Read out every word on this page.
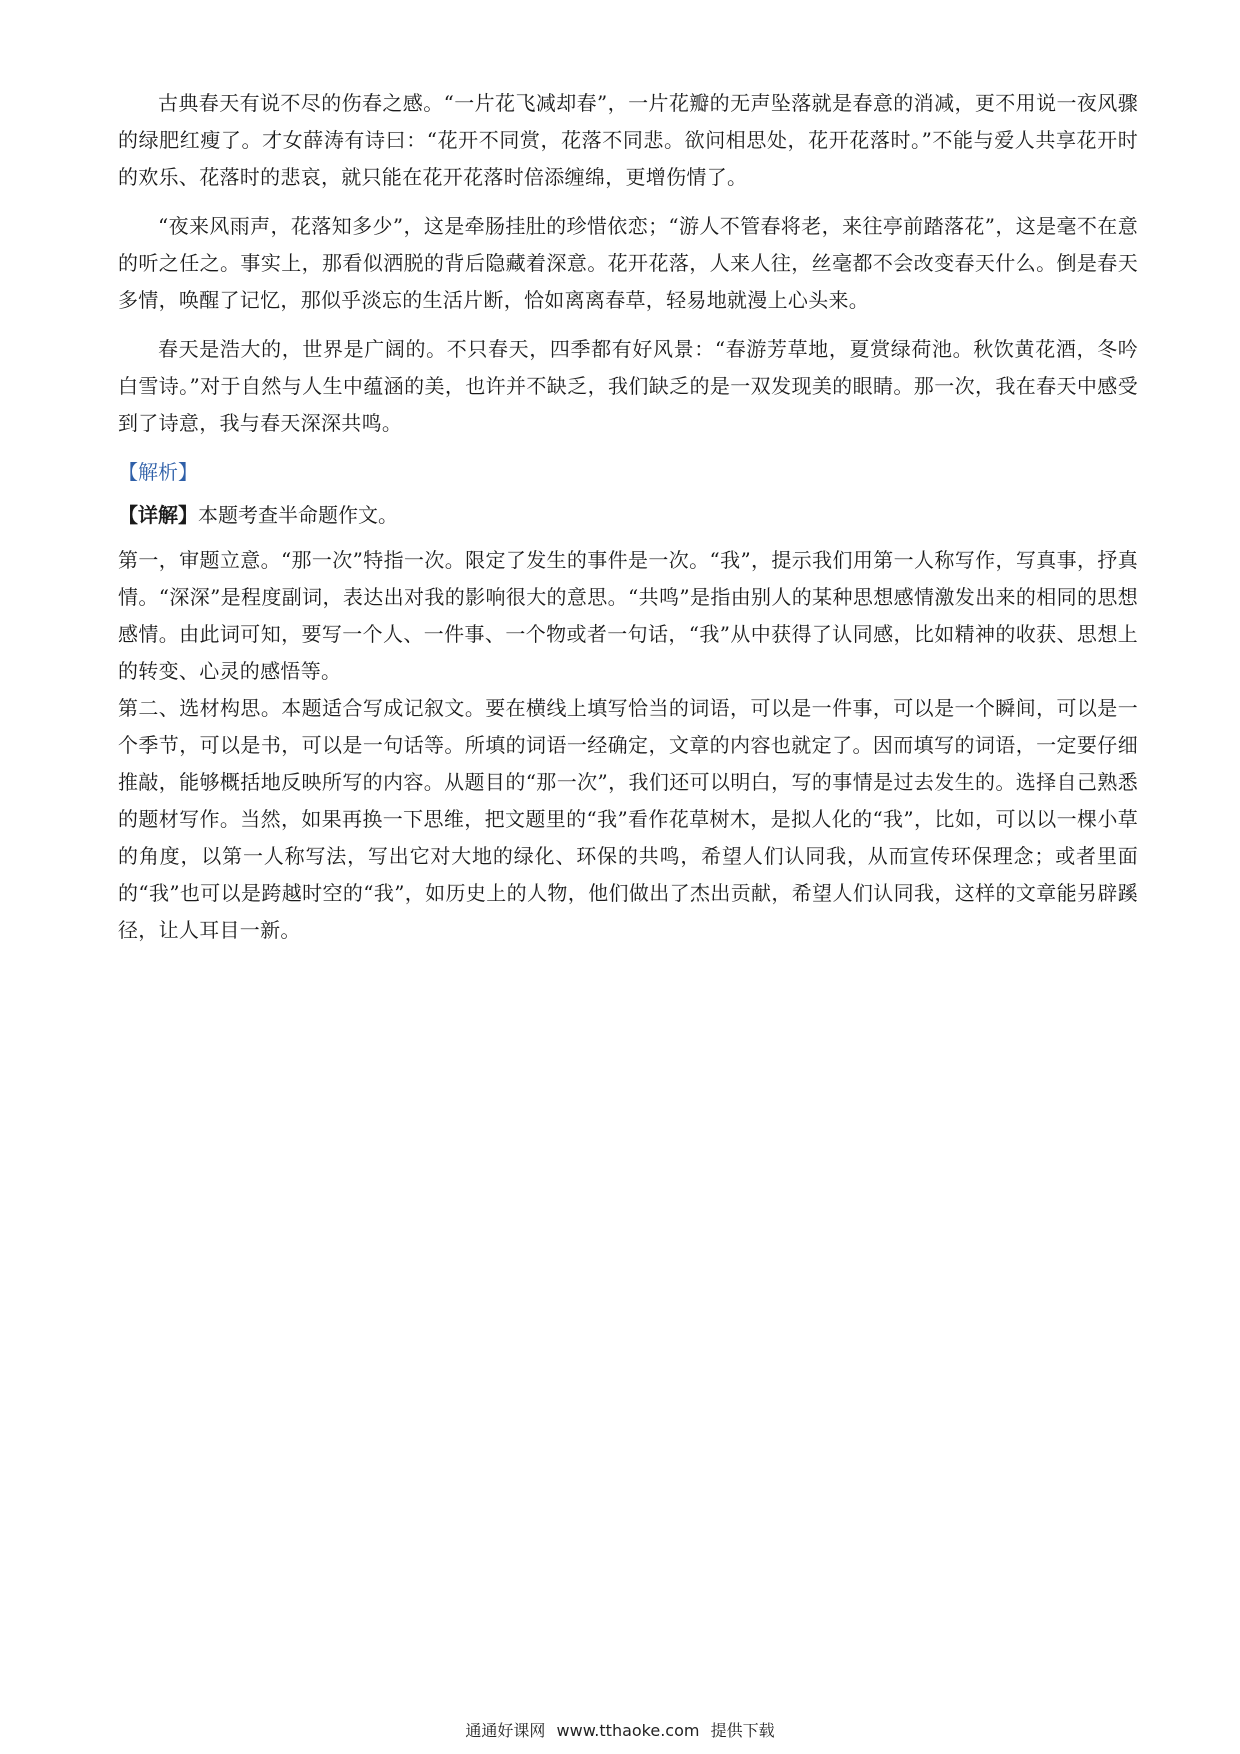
古典春天有说不尽的伤春之感。“一片花飞减却春”，一片花瓣的无声坠落就是春意的消减，更不用说一夜风骤的绿肥红瘦了。才女薛涛有诗曰：“花开不同赏，花落不同悲。欲问相思处，花开花落时。”不能与爱人共享花开时的欢乐、花落时的悲哀，就只能在花开花落时倍添缠绵，更增伤情了。

“夜来风雨声，花落知多少”，这是牵肠挂肚的珍惜依恋；“游人不管春将老，来往亭前踏落花”，这是毫不在意的听之任之。事实上，那看似洒脱的背后隐藏着深意。花开花落，人来人往，丝毫都不会改变春天什么。倒是春天多情，唤醒了记忆，那似乎淡忘的生活片断，恰如离离春草，轻易地就漫上心头来。

春天是浩大的，世界是广阔的。不只春天，四季都有好风景：“春游芳草地，夏赏绿荷池。秋饮黄花酒，冬吟白雪诗。”对于自然与人生中蕴涵的美，也许并不缺乏，我们缺乏的是一双发现美的眼睛。那一次，我在春天中感受到了诗意，我与春天深深共鸣。

【解析】
【详解】本题考查半命题作文。

第一，审题立意。“那一次”特指一次。限定了发生的事件是一次。“我”，提示我们用第一人称写作，写真事，抒真情。“深深”是程度副词，表达出对我的影响很大的意思。“共鸣”是指由别人的某种思想感情激发出来的相同的思想感情。由此词可知，要写一个人、一件事、一个物或者一句话，“我”从中获得了认同感，比如精神的收获、思想上的转变、心灵的感悟等。

第二、选材构思。本题适合写成记叙文。要在横线上填写恰当的词语，可以是一件事，可以是一个瞬间，可以是一个季节，可以是书，可以是一句话等。所填的词语一经确定，文章的内容也就定了。因而填写的词语，一定要仔细推敲，能够概括地反映所写的内容。从题目的“那一次”，我们还可以明白，写的事情是过去发生的。选择自己熟悉的题材写作。当然，如果再换一下思维，把文题里的“我”看作花草树木，是拟人化的“我”，比如，可以以一棵小草的角度，以第一人称写法，写出它对大地的绿化、环保的共鸣，希望人们认同我，从而宣传环保理念；或者里面的“我”也可以是跨越时空的“我”，如历史上的人物，他们做出了杰出贡献，希望人们认同我，这样的文章能另辟蹊径，让人耳目一新。

通通好课网 www.tthaoke.com 提供下载
